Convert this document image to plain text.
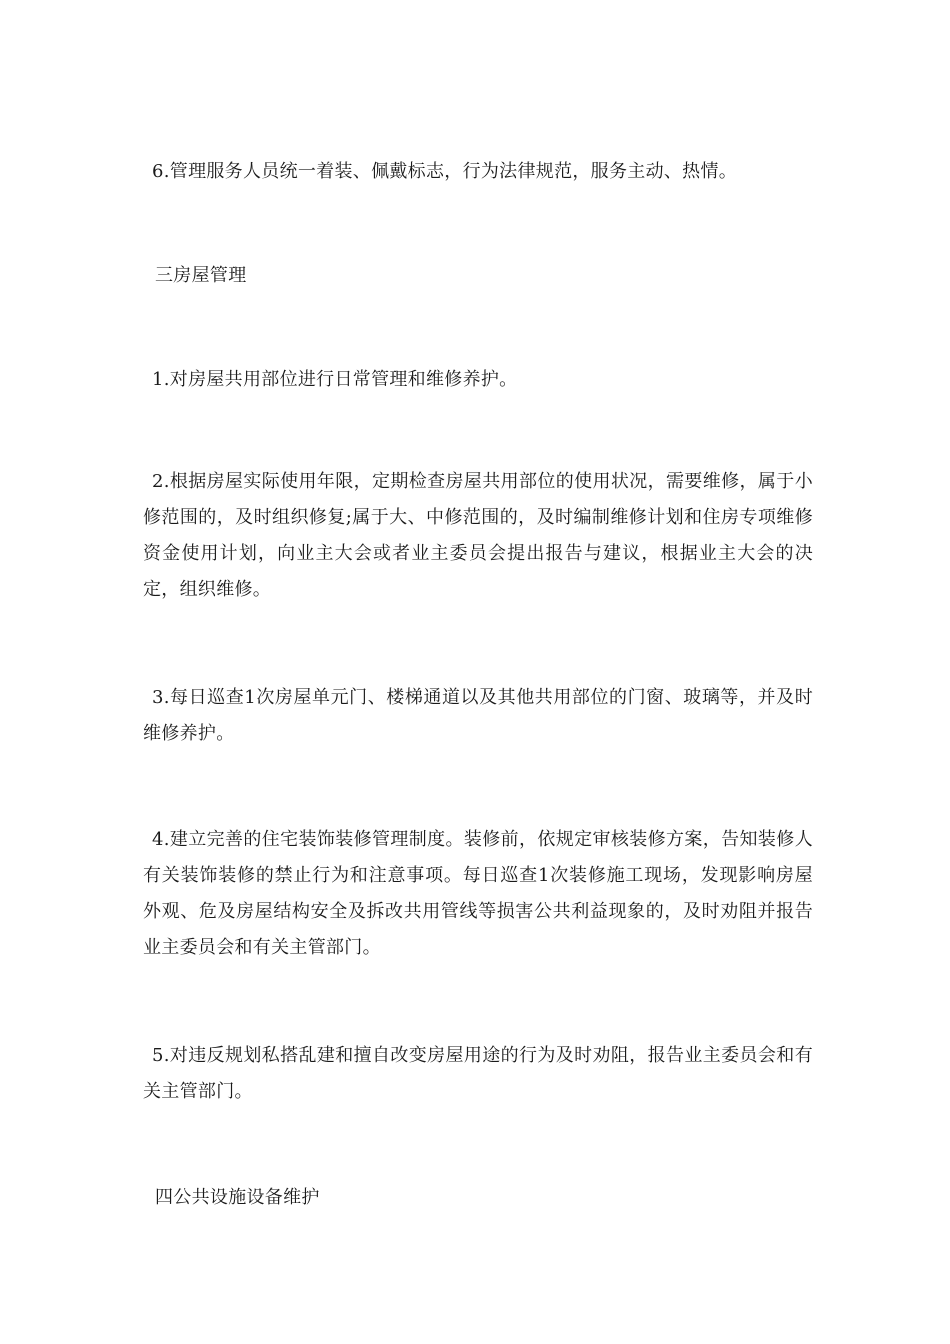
6.管理服务人员统一着装、佩戴标志，行为法律规范，服务主动、热情。

三房屋管理

1.对房屋共用部位进行日常管理和维修养护。

2.根据房屋实际使用年限，定期检查房屋共用部位的使用状况，需要维修，属于小修范围的，及时组织修复;属于大、中修范围的，及时编制维修计划和住房专项维修资金使用计划，向业主大会或者业主委员会提出报告与建议，根据业主大会的决定，组织维修。

3.每日巡查1次房屋单元门、楼梯通道以及其他共用部位的门窗、玻璃等，并及时维修养护。

4.建立完善的住宅装饰装修管理制度。装修前，依规定审核装修方案，告知装修人有关装饰装修的禁止行为和注意事项。每日巡查1次装修施工现场，发现影响房屋外观、危及房屋结构安全及拆改共用管线等损害公共利益现象的，及时劝阻并报告业主委员会和有关主管部门。

5.对违反规划私搭乱建和擅自改变房屋用途的行为及时劝阻，报告业主委员会和有关主管部门。

四公共设施设备维护
